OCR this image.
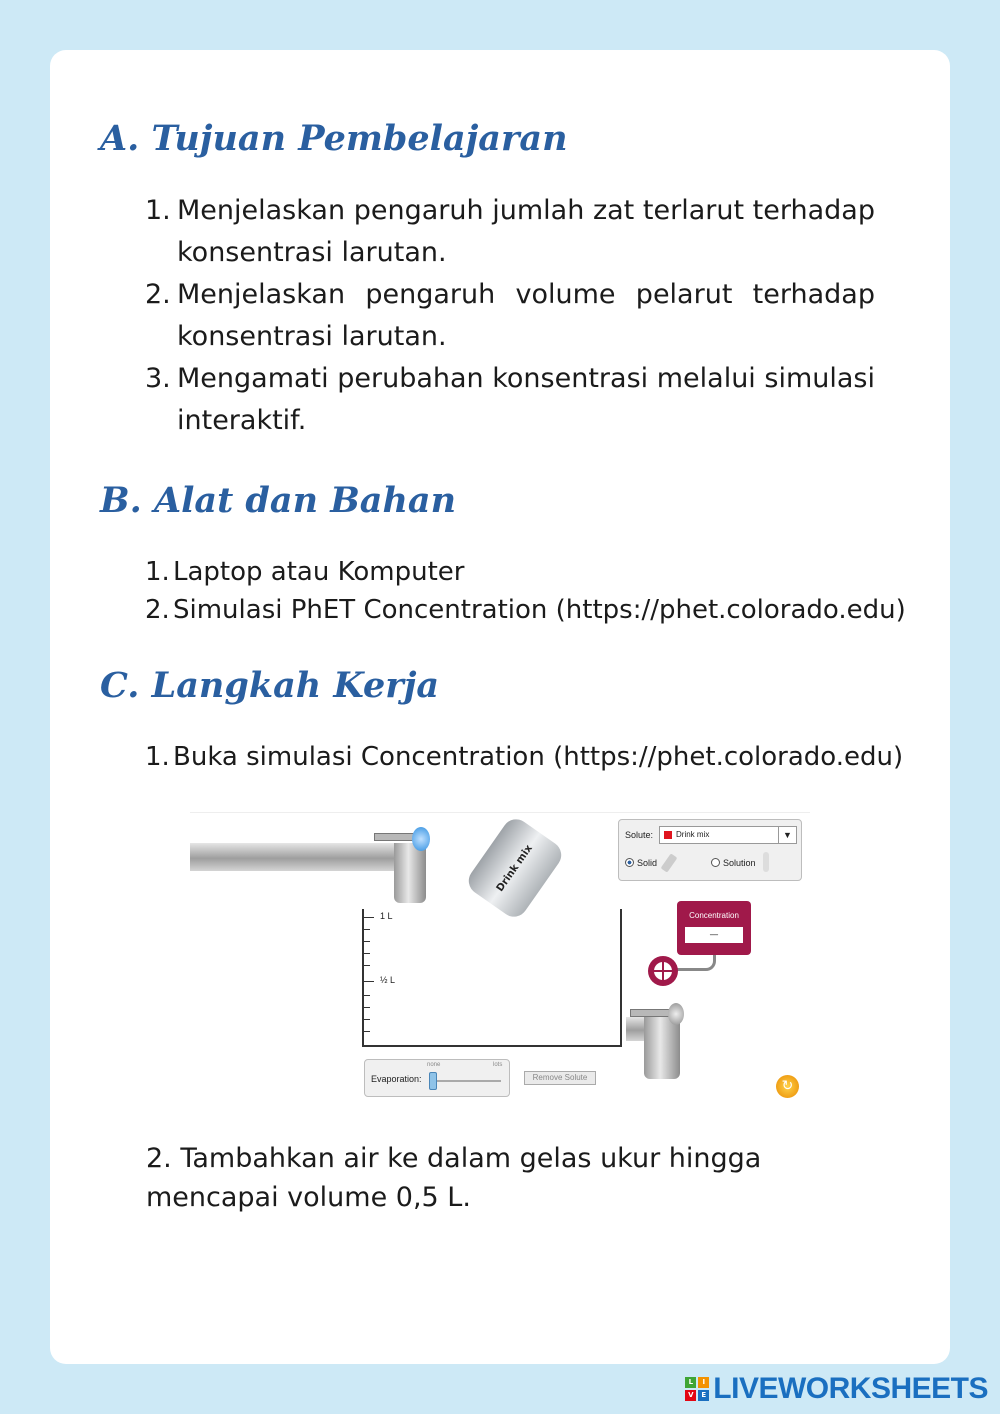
A. Tujuan Pembelajaran
1. Menjelaskan pengaruh jumlah zat terlarut terhadap konsentrasi larutan.
2. Menjelaskan pengaruh volume pelarut terhadap konsentrasi larutan.
3. Mengamati perubahan konsentrasi melalui simulasi interaktif.
B. Alat dan Bahan
1. Laptop atau Komputer
2. Simulasi PhET Concentration (https://phet.colorado.edu)
C. Langkah Kerja
1. Buka simulasi Concentration (https://phet.colorado.edu)
Drink mix
Solute:	Drink mix	▼
Solid	Solution
1 L
½ L
Concentration
—
Evaporation:
none	lots
Remove Solute
↻

2. Tambahkan air ke dalam gelas ukur hingga mencapai volume 0,5 L.

L	I
V	E LIVEWORKSHEETS
